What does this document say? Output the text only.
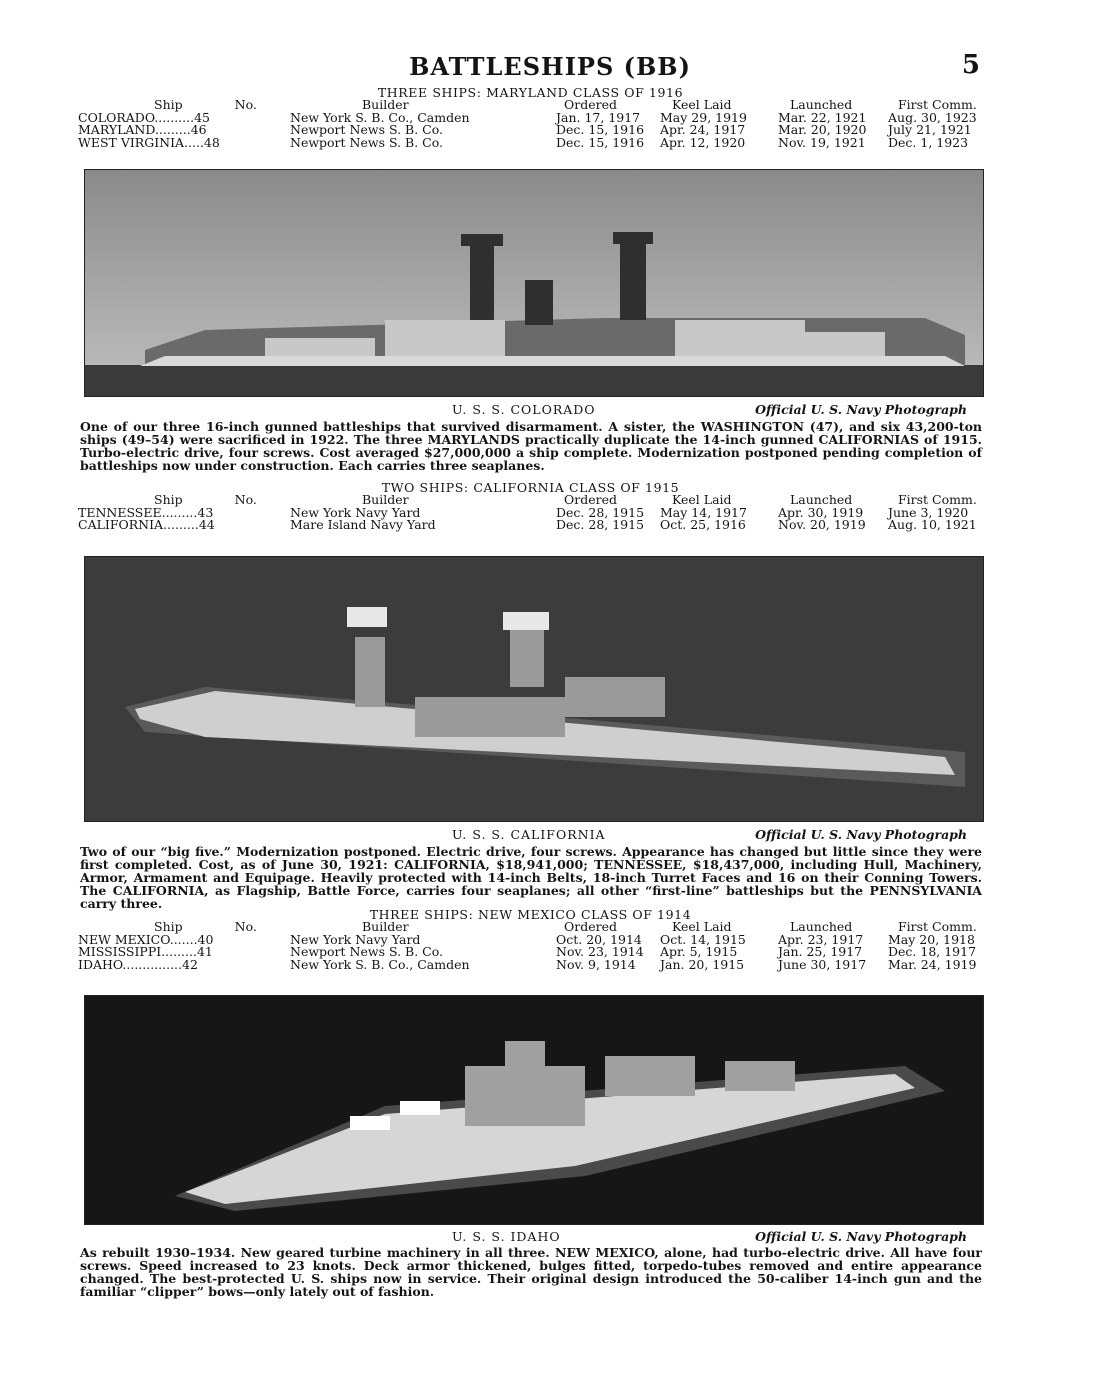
BATTLESHIPS (BB)	5
THREE SHIPS: MARYLAND CLASS OF 1916
Ship No.	Builder	Ordered	Keel Laid	Launched	First Comm.
COLORADO..........45	New York S. B. Co., Camden	Jan. 17, 1917	May 29, 1919	Mar. 22, 1921	Aug. 30, 1923
MARYLAND.........46	Newport News S. B. Co.	Dec. 15, 1916	Apr. 24, 1917	Mar. 20, 1920	July 21, 1921
WEST VIRGINIA.....48	Newport News S. B. Co.	Dec. 15, 1916	Apr. 12, 1920	Nov. 19, 1921	Dec. 1, 1923
U. S. S. COLORADO	Official U. S. Navy Photograph
One of our three 16-inch gunned battleships that survived disarmament. A sister, the WASHINGTON (47), and six 43,200-ton ships (49–54) were sacrificed in 1922. The three MARYLANDS practically duplicate the 14-inch gunned CALIFORNIAS of 1915. Turbo-electric drive, four screws. Cost averaged $27,000,000 a ship complete. Modernization postponed pending completion of battleships now under construction. Each carries three seaplanes.
TWO SHIPS: CALIFORNIA CLASS OF 1915
Ship No.	Builder	Ordered	Keel Laid	Launched	First Comm.
TENNESSEE.........43	New York Navy Yard	Dec. 28, 1915	May 14, 1917	Apr. 30, 1919	June 3, 1920
CALIFORNIA.........44	Mare Island Navy Yard	Dec. 28, 1915	Oct. 25, 1916	Nov. 20, 1919	Aug. 10, 1921
U. S. S. CALIFORNIA	Official U. S. Navy Photograph
Two of our “big five.” Modernization postponed. Electric drive, four screws. Appearance has changed but little since they were first completed. Cost, as of June 30, 1921: CALIFORNIA, $18,941,000; TENNESSEE, $18,437,000, including Hull, Machinery, Armor, Armament and Equipage. Heavily protected with 14-inch Belts, 18-inch Turret Faces and 16 on their Conning Towers. The CALIFORNIA, as Flagship, Battle Force, carries four seaplanes; all other “first-line” battleships but the PENNSYLVANIA carry three.
THREE SHIPS: NEW MEXICO CLASS OF 1914
Ship No.	Builder	Ordered	Keel Laid	Launched	First Comm.
NEW MEXICO.......40	New York Navy Yard	Oct. 20, 1914	Oct. 14, 1915	Apr. 23, 1917	May 20, 1918
MISSISSIPPI.........41	Newport News S. B. Co.	Nov. 23, 1914	Apr. 5, 1915	Jan. 25, 1917	Dec. 18, 1917
IDAHO...............42	New York S. B. Co., Camden	Nov. 9, 1914	Jan. 20, 1915	June 30, 1917	Mar. 24, 1919
U. S. S. IDAHO	Official U. S. Navy Photograph
As rebuilt 1930–1934. New geared turbine machinery in all three. NEW MEXICO, alone, had turbo-electric drive. All have four screws. Speed increased to 23 knots. Deck armor thickened, bulges fitted, torpedo-tubes removed and entire appearance changed. The best-protected U. S. ships now in service. Their original design introduced the 50-caliber 14-inch gun and the familiar “clipper” bows—only lately out of fashion.
